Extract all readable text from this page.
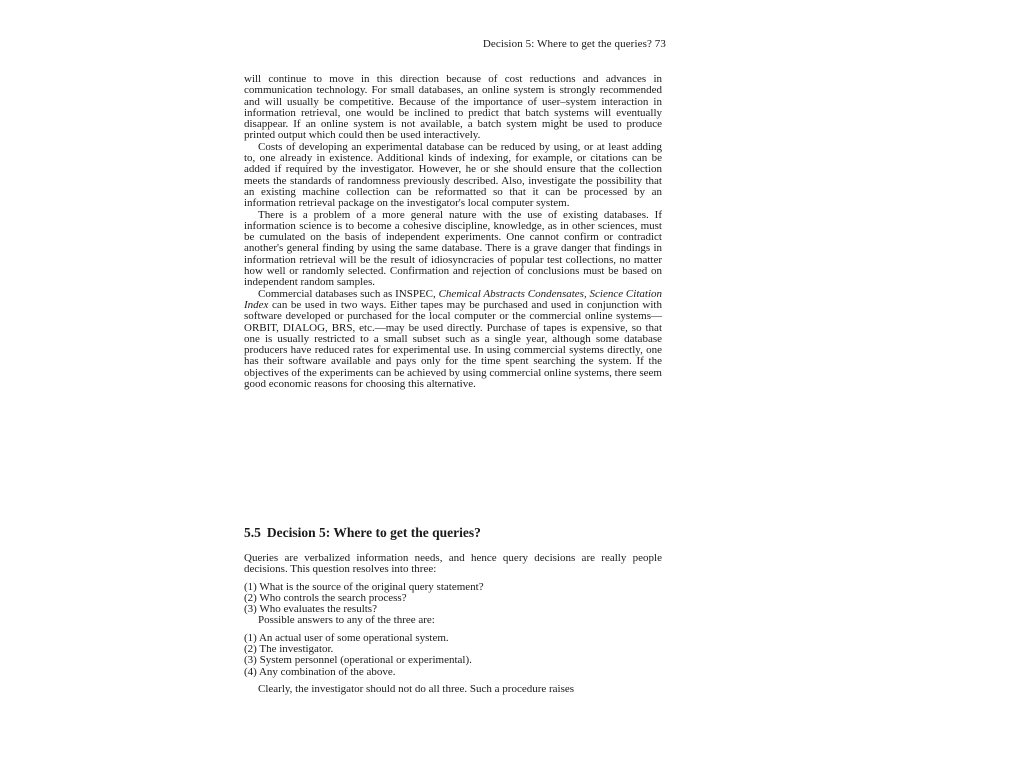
Decision 5: Where to get the queries? 73

will continue to move in this direction because of cost reductions and advances in communication technology. For small databases, an online system is strongly recommended and will usually be competitive. Because of the importance of user–system interaction in information retrieval, one would be inclined to predict that batch systems will eventually disappear. If an online system is not available, a batch system might be used to produce printed output which could then be used interactively.

Costs of developing an experimental database can be reduced by using, or at least adding to, one already in existence. Additional kinds of indexing, for example, or citations can be added if required by the investigator. However, he or she should ensure that the collection meets the standards of randomness previously described. Also, investigate the possibility that an existing machine collection can be reformatted so that it can be processed by an information retrieval package on the investigator's local computer system.

There is a problem of a more general nature with the use of existing databases. If information science is to become a cohesive discipline, knowledge, as in other sciences, must be cumulated on the basis of independent experiments. One cannot confirm or contradict another's general finding by using the same database. There is a grave danger that findings in information retrieval will be the result of idiosyncracies of popular test collections, no matter how well or randomly selected. Confirmation and rejection of conclusions must be based on independent random samples.

Commercial databases such as INSPEC, Chemical Abstracts Condensates, Science Citation Index can be used in two ways. Either tapes may be purchased and used in conjunction with software developed or purchased for the local computer or the commercial online systems—ORBIT, DIALOG, BRS, etc.—may be used directly. Purchase of tapes is expensive, so that one is usually restricted to a small subset such as a single year, although some database producers have reduced rates for experimental use. In using commercial systems directly, one has their software available and pays only for the time spent searching the system. If the objectives of the experiments can be achieved by using commercial online systems, there seem good economic reasons for choosing this alternative.

5.5 Decision 5: Where to get the queries?

Queries are verbalized information needs, and hence query decisions are really people decisions. This question resolves into three:

(1) What is the source of the original query statement?
(2) Who controls the search process?
(3) Who evaluates the results?

Possible answers to any of the three are:

(1) An actual user of some operational system.
(2) The investigator.
(3) System personnel (operational or experimental).
(4) Any combination of the above.

Clearly, the investigator should not do all three. Such a procedure raises
